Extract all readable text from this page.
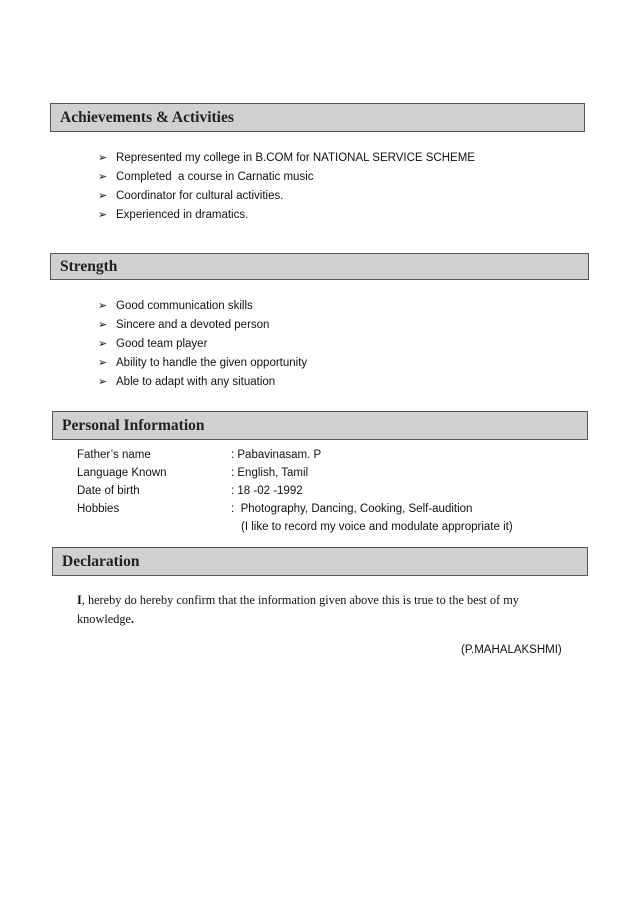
Achievements & Activities
➢ Represented my college in B.COM for NATIONAL SERVICE SCHEME
➢ Completed  a course in Carnatic music
➢ Coordinator for cultural activities.
➢ Experienced in dramatics.
Strength
➢ Good communication skills
➢ Sincere and a devoted person
➢ Good team player
➢ Ability to handle the given opportunity
➢ Able to adapt with any situation
Personal Information
Father’s name	: Pabavinasam. P
Language Known	: English, Tamil
Date of birth	: 18 -02 -1992
Hobbies	:  Photography, Dancing, Cooking, Self-audition
(I like to record my voice and modulate appropriate it)
Declaration
I, hereby do hereby confirm that the information given above this is true to the best of my knowledge.
(P.MAHALAKSHMI)
